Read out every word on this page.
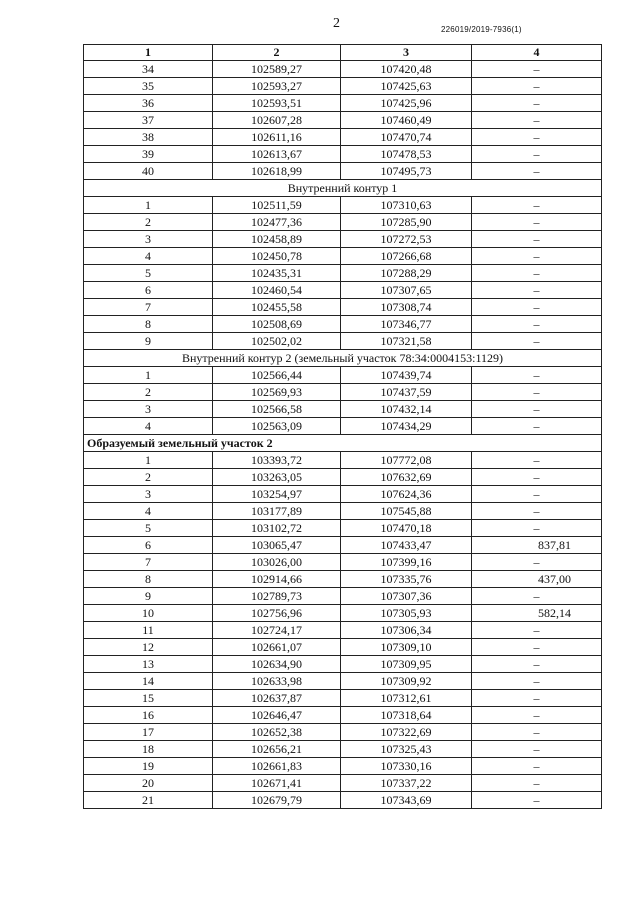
2	226019/2019-7936(1)
1	2	3	4
34	102589,27	107420,48	–
35	102593,27	107425,63	–
36	102593,51	107425,96	–
37	102607,28	107460,49	–
38	102611,16	107470,74	–
39	102613,67	107478,53	–
40	102618,99	107495,73	–
Внутренний контур 1			
1	102511,59	107310,63	–
2	102477,36	107285,90	–
3	102458,89	107272,53	–
4	102450,78	107266,68	–
5	102435,31	107288,29	–
6	102460,54	107307,65	–
7	102455,58	107308,74	–
8	102508,69	107346,77	–
9	102502,02	107321,58	–
Внутренний контур 2 (земельный участок 78:34:0004153:1129)			
1	102566,44	107439,74	–
2	102569,93	107437,59	–
3	102566,58	107432,14	–
4	102563,09	107434,29	–
Образуемый земельный участок 2			
1	103393,72	107772,08	–
2	103263,05	107632,69	–
3	103254,97	107624,36	–
4	103177,89	107545,88	–
5	103102,72	107470,18	–
6	103065,47	107433,47	837,81
7	103026,00	107399,16	–
8	102914,66	107335,76	437,00
9	102789,73	107307,36	–
10	102756,96	107305,93	582,14
11	102724,17	107306,34	–
12	102661,07	107309,10	–
13	102634,90	107309,95	–
14	102633,98	107309,92	–
15	102637,87	107312,61	–
16	102646,47	107318,64	–
17	102652,38	107322,69	–
18	102656,21	107325,43	–
19	102661,83	107330,16	–
20	102671,41	107337,22	–
21	102679,79	107343,69	–
